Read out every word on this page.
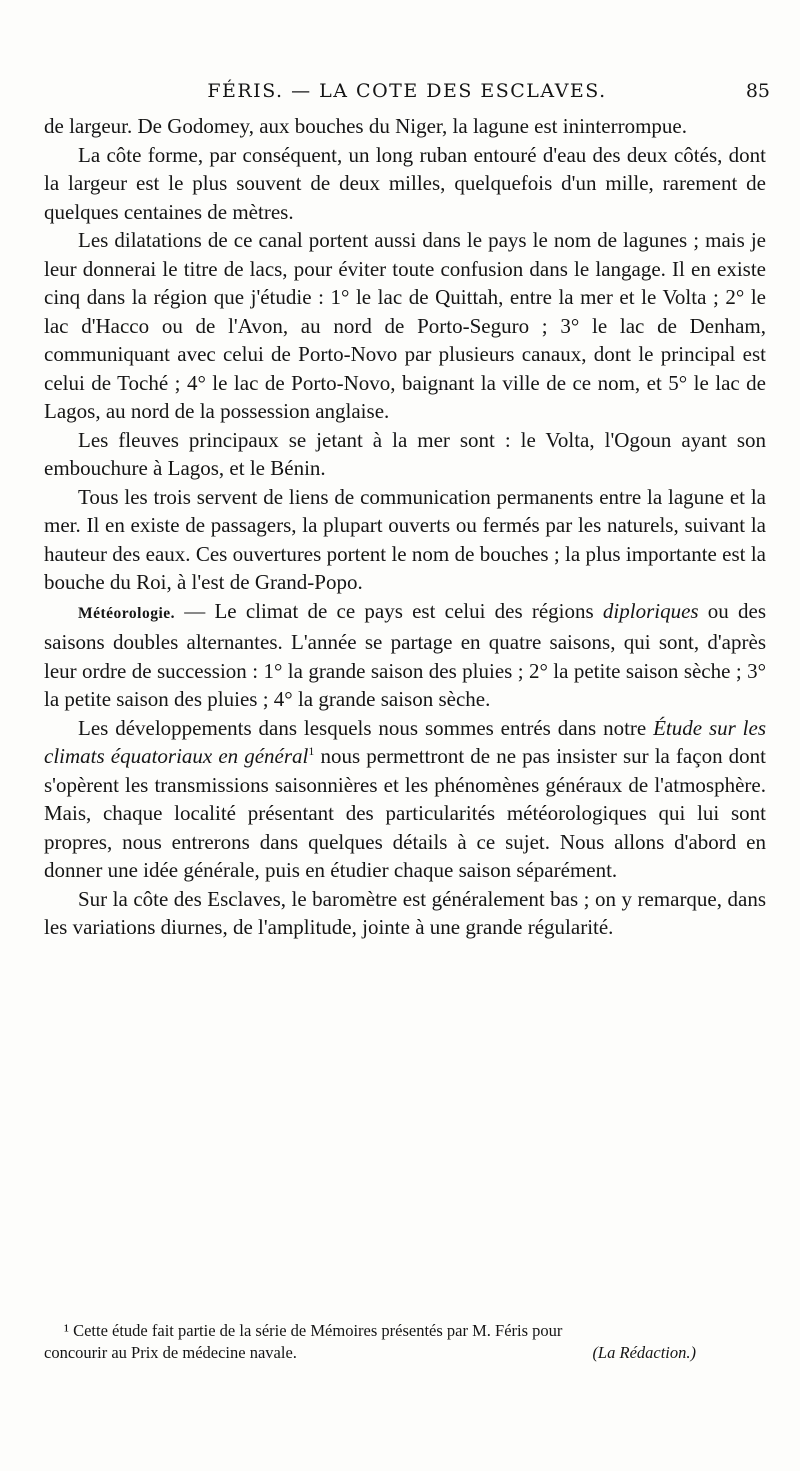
FÉRIS. — LA COTE DES ESCLAVES.	85

de largeur. De Godomey, aux bouches du Niger, la lagune est ininterrompue.

La côte forme, par conséquent, un long ruban entouré d'eau des deux côtés, dont la largeur est le plus souvent de deux milles, quelquefois d'un mille, rarement de quelques centaines de mètres.

Les dilatations de ce canal portent aussi dans le pays le nom de lagunes ; mais je leur donnerai le titre de lacs, pour éviter toute confusion dans le langage. Il en existe cinq dans la région que j'étudie : 1° le lac de Quittah, entre la mer et le Volta ; 2° le lac d'Hacco ou de l'Avon, au nord de Porto-Seguro ; 3° le lac de Denham, communiquant avec celui de Porto-Novo par plusieurs canaux, dont le principal est celui de Toché ; 4° le lac de Porto-Novo, baignant la ville de ce nom, et 5° le lac de Lagos, au nord de la possession anglaise.

Les fleuves principaux se jetant à la mer sont : le Volta, l'Ogoun ayant son embouchure à Lagos, et le Bénin.

Tous les trois servent de liens de communication permanents entre la lagune et la mer. Il en existe de passagers, la plupart ouverts ou fermés par les naturels, suivant la hauteur des eaux. Ces ouvertures portent le nom de bouches ; la plus importante est la bouche du Roi, à l'est de Grand-Popo.

Météorologie. — Le climat de ce pays est celui des régions diploriques ou des saisons doubles alternantes. L'année se partage en quatre saisons, qui sont, d'après leur ordre de succession : 1° la grande saison des pluies ; 2° la petite saison sèche ; 3° la petite saison des pluies ; 4° la grande saison sèche.

Les développements dans lesquels nous sommes entrés dans notre Étude sur les climats équatoriaux en général$^1$ nous permettront de ne pas insister sur la façon dont s'opèrent les transmissions saisonnières et les phénomènes généraux de l'atmosphère. Mais, chaque localité présentant des particularités météorologiques qui lui sont propres, nous entrerons dans quelques détails à ce sujet. Nous allons d'abord en donner une idée générale, puis en étudier chaque saison séparément.

Sur la côte des Esclaves, le baromètre est généralement bas ; on y remarque, dans les variations diurnes, de l'amplitude, jointe à une grande régularité.

¹ Cette étude fait partie de la série de Mémoires présentés par M. Féris pour
concourir au Prix de médecine navale.	(La Rédaction.)
